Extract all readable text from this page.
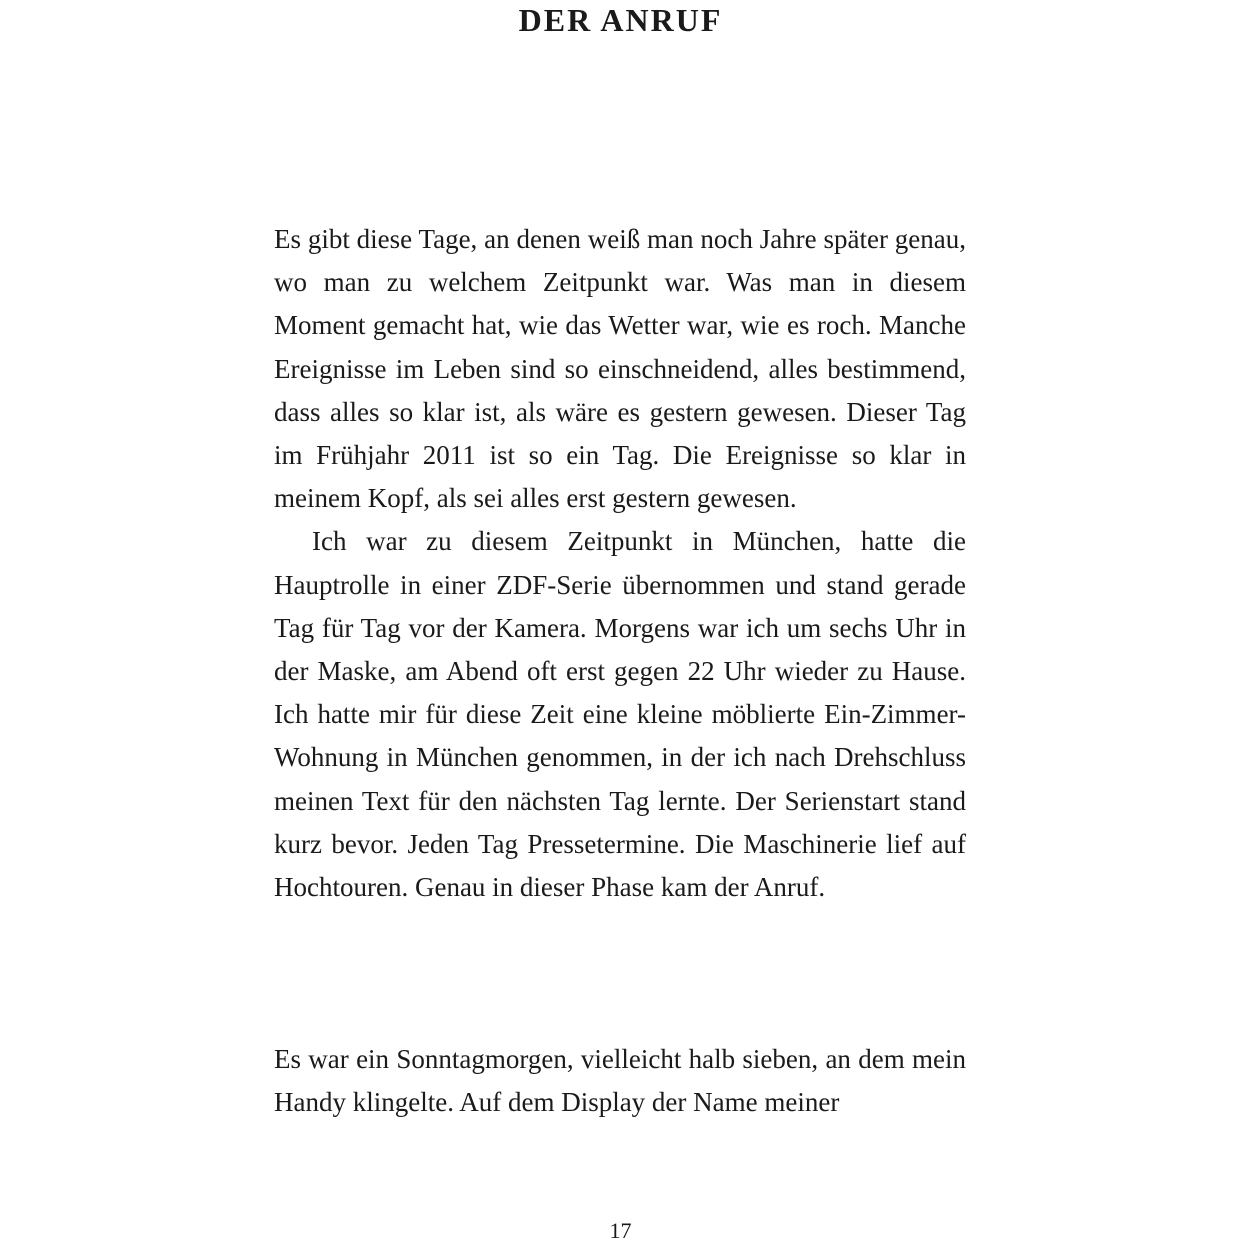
DER ANRUF

Es gibt diese Tage, an denen weiß man noch Jahre später genau, wo man zu welchem Zeitpunkt war. Was man in diesem Moment gemacht hat, wie das Wetter war, wie es roch. Manche Ereignisse im Leben sind so einschneidend, alles bestimmend, dass alles so klar ist, als wäre es gestern gewesen. Dieser Tag im Frühjahr 2011 ist so ein Tag. Die Ereignisse so klar in meinem Kopf, als sei alles erst gestern gewesen.

Ich war zu diesem Zeitpunkt in München, hatte die Hauptrolle in einer ZDF-Serie übernommen und stand gerade Tag für Tag vor der Kamera. Morgens war ich um sechs Uhr in der Maske, am Abend oft erst gegen 22 Uhr wieder zu Hause. Ich hatte mir für diese Zeit eine kleine möblierte Ein-Zimmer-Wohnung in München genommen, in der ich nach Drehschluss meinen Text für den nächsten Tag lernte. Der Serienstart stand kurz bevor. Jeden Tag Pressetermine. Die Maschinerie lief auf Hochtouren. Genau in dieser Phase kam der Anruf.

Es war ein Sonntagmorgen, vielleicht halb sieben, an dem mein Handy klingelte. Auf dem Display der Name meiner

17
